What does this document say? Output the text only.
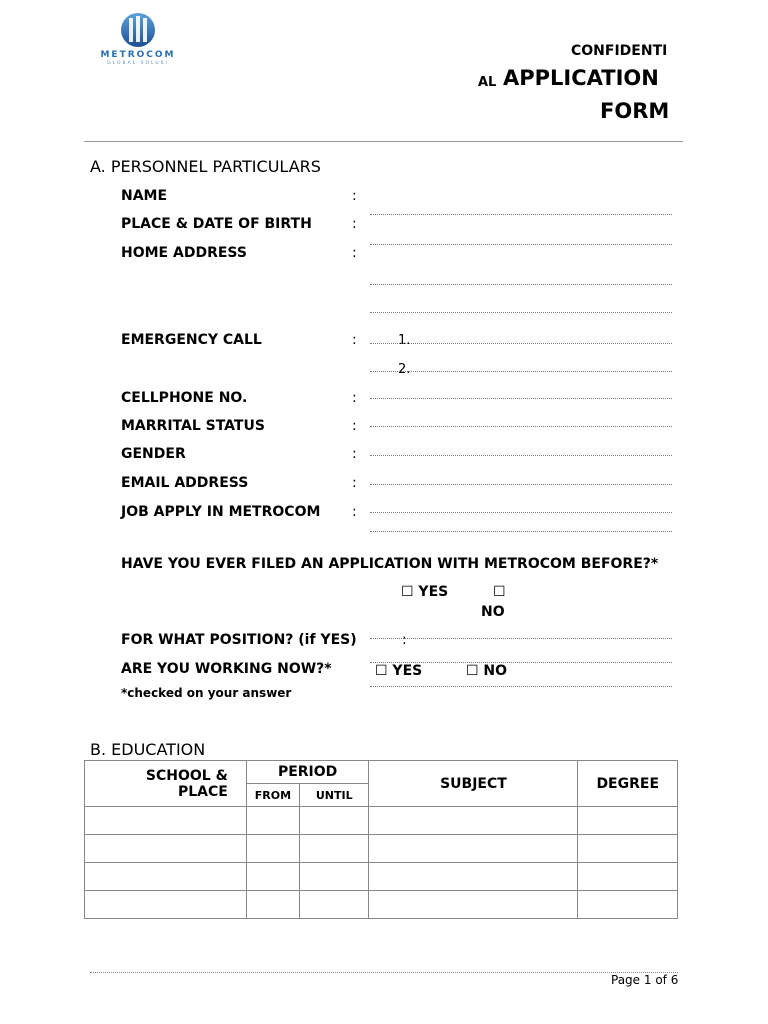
METROCOM
GLOBAL SOLUSI
CONFIDENTI
AL APPLICATION
FORM
A. PERSONNEL PARTICULARS
NAME	:
PLACE & DATE OF BIRTH	:
HOME ADDRESS	:
EMERGENCY CALL	:	1.
2.
CELLPHONE NO.	:
MARRITAL STATUS	:
GENDER	:
EMAIL ADDRESS	:
JOB APPLY IN METROCOM :
HAVE YOU EVER FILED AN APPLICATION WITH METROCOM BEFORE?*
☐ YES	☐
NO
FOR WHAT POSITION? (if YES)	:
ARE YOU WORKING NOW?*	☐ YES	☐ NO
*checked on your answer
B. EDUCATION
SCHOOL &
PLACE	PERIOD		SUBJECT	DEGREE
	FROM	UNTIL		

Page 1 of 6
